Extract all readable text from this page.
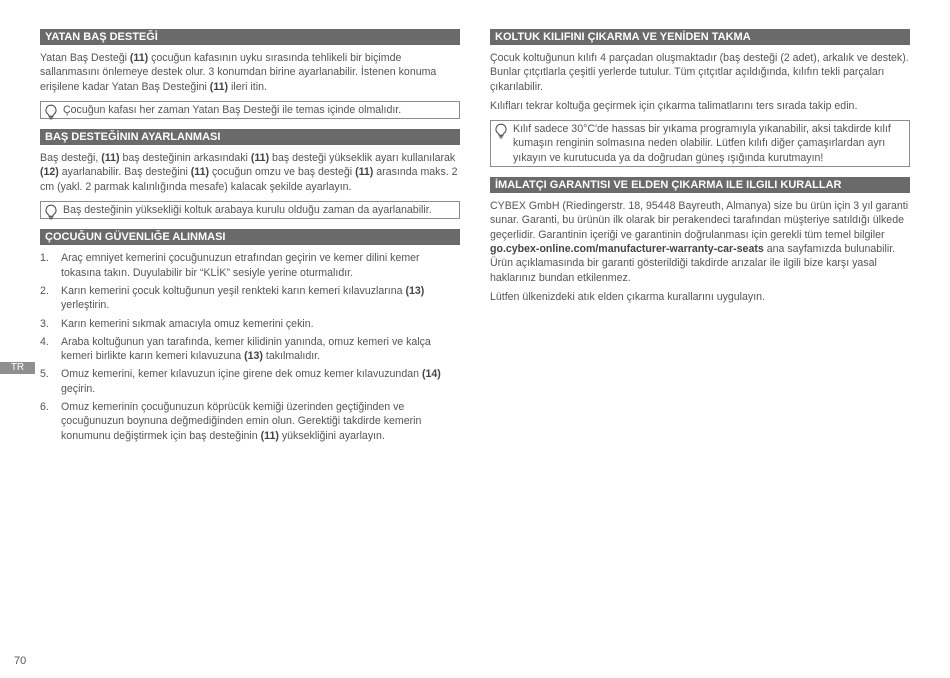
YATAN BAŞ DESTEĞİ

Yatan Baş Desteği (11) çocuğun kafasının uyku sırasında tehlikeli bir biçimde sallanmasını önlemeye destek olur. 3 konumdan birine ayarlanabilir. İstenen konuma erişilene kadar Yatan Baş Desteğini (11) ileri itin.

Çocuğun kafası her zaman Yatan Baş Desteği ile temas içinde olmalıdır.
BAŞ DESTEĞİNIN AYARLANMASI

Baş desteği, (11) baş desteğinin arkasındaki (11) baş desteği yükseklik ayarı kullanılarak (12) ayarlanabilir. Baş desteğini (11) çocuğun omzu ve baş desteği (11) arasında maks. 2 cm (yakl. 2 parmak kalınlığında mesafe) kalacak şekilde ayarlayın.

Baş desteğinin yüksekliği koltuk arabaya kurulu olduğu zaman da ayarlanabilir.
ÇOCUĞUN GÜVENLIĞE ALINMASI
1. Araç emniyet kemerini çocuğunuzun etrafından geçirin ve kemer dilini kemer tokasına takın. Duyulabilir bir “KLİK” sesiyle yerine oturmalıdır.
2. Karın kemerini çocuk koltuğunun yeşil renkteki karın kemeri kılavuzlarına (13) yerleştirin.
3. Karın kemerini sıkmak amacıyla omuz kemerini çekin.
4. Araba koltuğunun yan tarafında, kemer kilidinin yanında, omuz kemeri ve kalça kemeri birlikte karın kemeri kılavuzuna (13) takılmalıdır.
5. Omuz kemerini, kemer kılavuzun içine girene dek omuz kemer kılavuzundan (14) geçirin.
6. Omuz kemerinin çocuğunuzun köprücük kemiği üzerinden geçtiğinden ve çocuğunuzun boynuna değmediğinden emin olun. Gerektiği takdirde kemerin konumunu değiştirmek için baş desteğinin (11) yüksekliğini ayarlayın.
KOLTUK KILIFINI ÇIKARMA VE YENİDEN TAKMA

Çocuk koltuğunun kılıfı 4 parçadan oluşmaktadır (baş desteği (2 adet), arkalık ve destek). Bunlar çıtçıtlarla çeşitli yerlerde tutulur. Tüm çıtçıtlar açıldığında, kılıfın tekli parçaları çıkarılabilir.

Kılıfları tekrar koltuğa geçirmek için çıkarma talimatlarını ters sırada takip edin.

Kılıf sadece 30°C'de hassas bir yıkama programıyla yıkanabilir, aksi takdirde kılıf kumaşın renginin solmasına neden olabilir. Lütfen kılıfı diğer çamaşırlardan ayrı yıkayın ve kurutucuda ya da doğrudan güneş ışığında kurutmayın!
İMALATÇI GARANTISI VE ELDEN ÇIKARMA ILE ILGILI KURALLAR

CYBEX GmbH (Riedingerstr. 18, 95448 Bayreuth, Almanya) size bu ürün için 3 yıl garanti sunar. Garanti, bu ürünün ilk olarak bir perakendeci tarafından müşteriye satıldığı ülkede geçerlidir. Garantinin içeriği ve garantinin doğrulanması için gerekli tüm temel bilgiler go.cybex-online.com/manufacturer-warranty-car-seats ana sayfamızda bulunabilir. Ürün açıklamasında bir garanti gösterildiği takdirde arızalar ile ilgili bize karşı yasal haklarınız bundan etkilenmez.

Lütfen ülkenizdeki atık elden çıkarma kurallarını uygulayın.

TR
70
